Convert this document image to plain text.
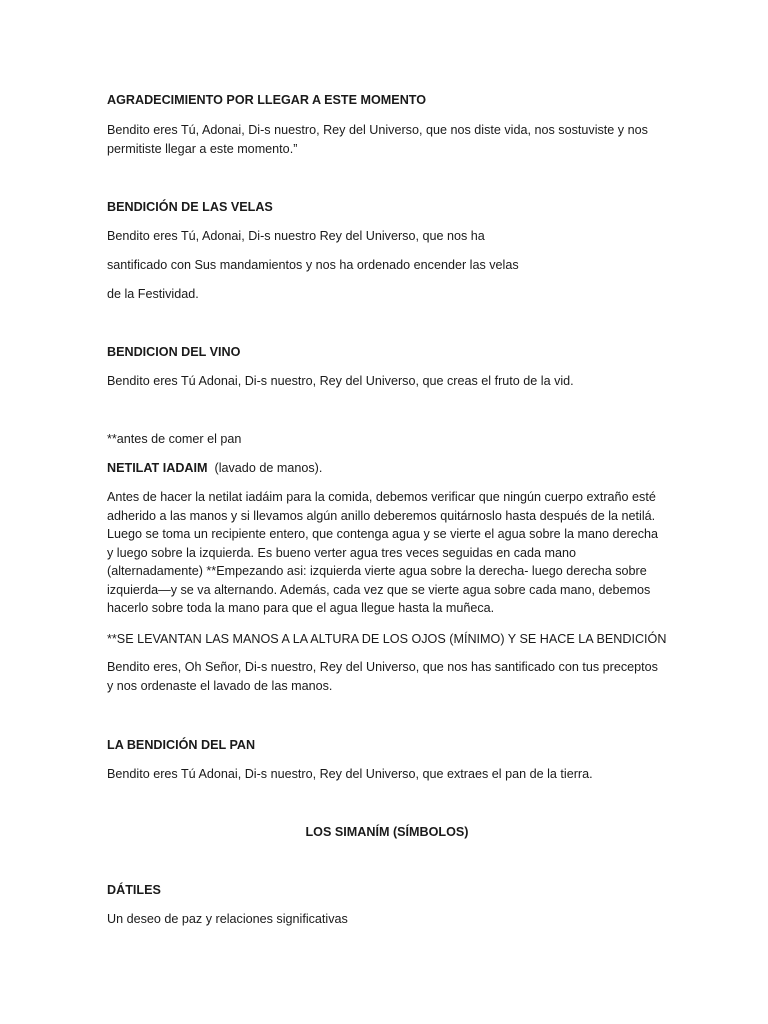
AGRADECIMIENTO POR LLEGAR A ESTE MOMENTO

Bendito eres Tú, Adonai, Di-s nuestro, Rey del Universo, que nos diste vida, nos sostuviste y nos
permitiste llegar a este momento.”

BENDICIÓN DE LAS VELAS

Bendito eres Tú, Adonai, Di-s nuestro Rey del Universo, que nos ha

santificado con Sus mandamientos y nos ha ordenado encender las velas

de la Festividad.

BENDICION DEL VINO

Bendito eres Tú Adonai, Di-s nuestro, Rey del Universo, que creas el fruto de la vid.

**antes de comer el pan

NETILAT IADAIM (lavado de manos).

Antes de hacer la netilat iadáim para la comida, debemos verificar que ningún cuerpo extraño esté
adherido a las manos y si llevamos algún anillo deberemos quitárnoslo hasta después de la netilá.
Luego se toma un recipiente entero, que contenga agua y se vierte el agua sobre la mano derecha
y luego sobre la izquierda. Es bueno verter agua tres veces seguidas en cada mano
(alternadamente) **Empezando asi: izquierda vierte agua sobre la derecha- luego derecha sobre
izquierda—y se va alternando. Además, cada vez que se vierte agua sobre cada mano, debemos
hacerlo sobre toda la mano para que el agua llegue hasta la muñeca.

**SE LEVANTAN LAS MANOS A LA ALTURA DE LOS OJOS (MÍNIMO) Y SE HACE LA BENDICIÓN

Bendito eres, Oh Señor, Di-s nuestro, Rey del Universo, que nos has santificado con tus preceptos
y nos ordenaste el lavado de las manos.

LA BENDICIÓN DEL PAN

Bendito eres Tú Adonai, Di-s nuestro, Rey del Universo, que extraes el pan de la tierra.

LOS SIMANÍM (SÍMBOLOS)

DÁTILES

Un deseo de paz y relaciones significativas
